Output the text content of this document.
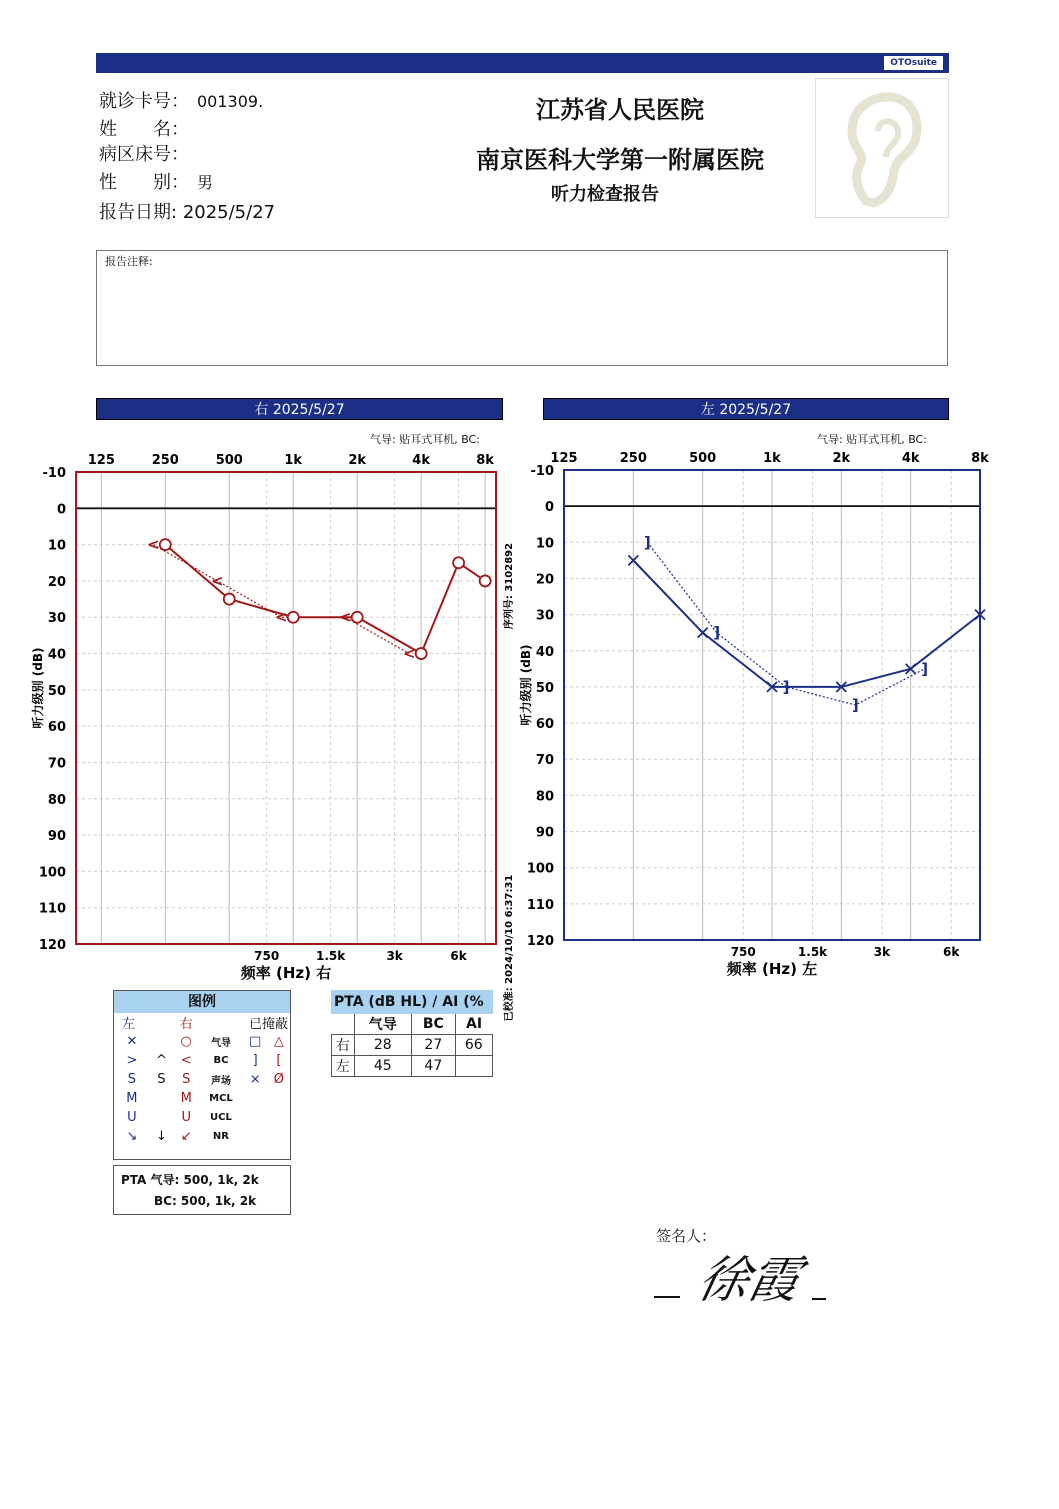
OTOsuite
就诊卡号： 001309.
姓　　名：
病区床号：
性　　别： 男
报告日期: 2025/5/27
江苏省人民医院
南京医科大学第一附属医院
听力检查报告
报告注释:
右 2025/5/27	左 2025/5/27
气导: 贴耳式耳机, BC:	气导: 贴耳式耳机, BC:
125	250	500	1k	2k	4k	8k
750	1.5k	3k	6k
-10
0
10
20
30
40
50
60
70
80
90
100
110
120
频率 (Hz) 右
听力级别 (dB)
<
<
<	<
<
序列号: 3102892
已校准: 2024/10/10 6:37:31
125	250	500	1k	2k	4k	8k
750	1.5k	3k	6k
-10
0
10
20
30
40
50
60
70
80
90
100
110
120
频率 (Hz) 左
听力级别 (dB)
]
]
]
]
]
图例
左		右	已掩蔽		
✕		○	气导	□	△
>	^	<	BC	]	[
S	S	S	声场	⨯	Ø
M		M	MCL		
U		U	UCL		
↘	↓	↙	NR		
PTA 气导: 500, 1k, 2k
BC: 500, 1k, 2k
PTA (dB HL) / AI (%
	气导	BC	AI
右	28	27	66
左	45	47	
签名人：
徐霞
